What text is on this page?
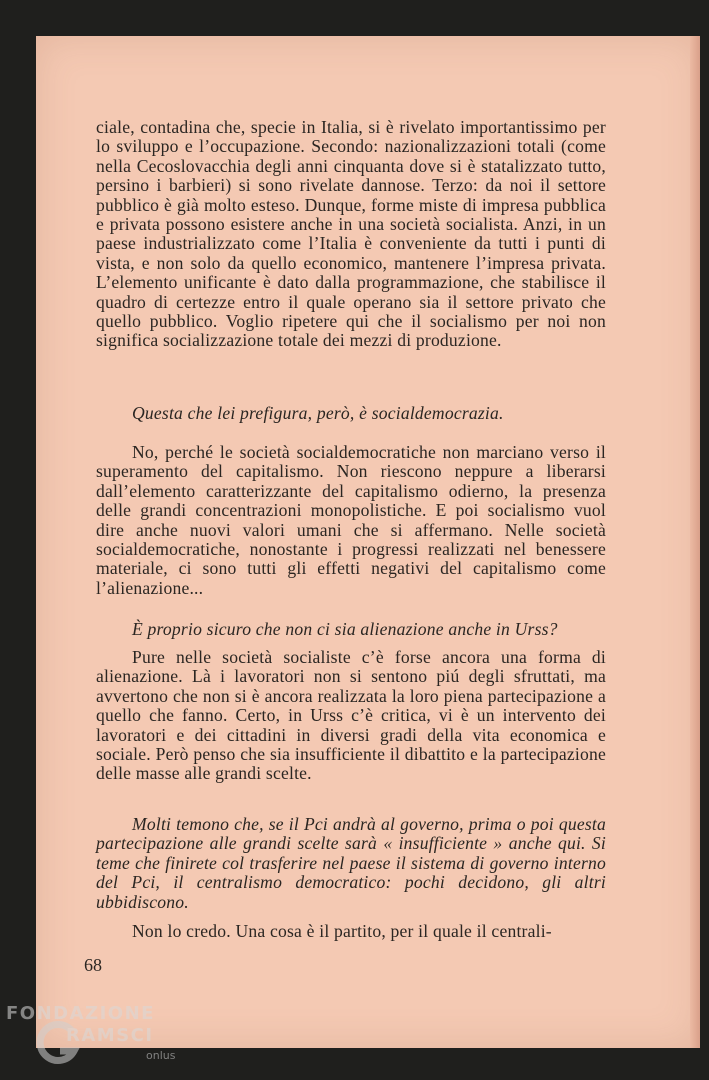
ciale, contadina che, specie in Italia, si è rivelato importantissimo per lo sviluppo e l’occupazione. Secondo: nazionalizzazioni totali (come nella Cecoslovacchia degli anni cinquanta dove si è statalizzato tutto, persino i barbieri) si sono rivelate dannose. Terzo: da noi il settore pubblico è già molto esteso. Dunque, forme miste di impresa pubblica e privata possono esistere anche in una società socialista. Anzi, in un paese industrializzato come l’Italia è conveniente da tutti i punti di vista, e non solo da quello economico, mantenere l’impresa privata. L’elemento unificante è dato dalla programmazione, che stabilisce il quadro di certezze entro il quale operano sia il settore privato che quello pubblico. Voglio ripetere qui che il socialismo per noi non significa socializzazione totale dei mezzi di produzione.

Questa che lei prefigura, però, è socialdemocrazia.

No, perché le società socialdemocratiche non marciano verso il superamento del capitalismo. Non riescono neppure a liberarsi dall’elemento caratterizzante del capitalismo odierno, la presenza delle grandi concentrazioni monopolistiche. E poi socialismo vuol dire anche nuovi valori umani che si affermano. Nelle società socialdemocratiche, nonostante i progressi realizzati nel benessere materiale, ci sono tutti gli effetti negativi del capitalismo come l’alienazione...

È proprio sicuro che non ci sia alienazione anche in Urss?

Pure nelle società socialiste c’è forse ancora una forma di alienazione. Là i lavoratori non si sentono piú degli sfruttati, ma avvertono che non si è ancora realizzata la loro piena partecipazione a quello che fanno. Certo, in Urss c’è critica, vi è un intervento dei lavoratori e dei cittadini in diversi gradi della vita economica e sociale. Però penso che sia insufficiente il dibattito e la partecipazione delle masse alle grandi scelte.

Molti temono che, se il Pci andrà al governo, prima o poi questa partecipazione alle grandi scelte sarà « insufficiente » anche qui. Si teme che finirete col trasferire nel paese il sistema di governo interno del Pci, il centralismo democratico: pochi decidono, gli altri ubbidiscono.

Non lo credo. Una cosa è il partito, per il quale il centrali-

68
FONDAZIONE
RAMSCI
onlus
